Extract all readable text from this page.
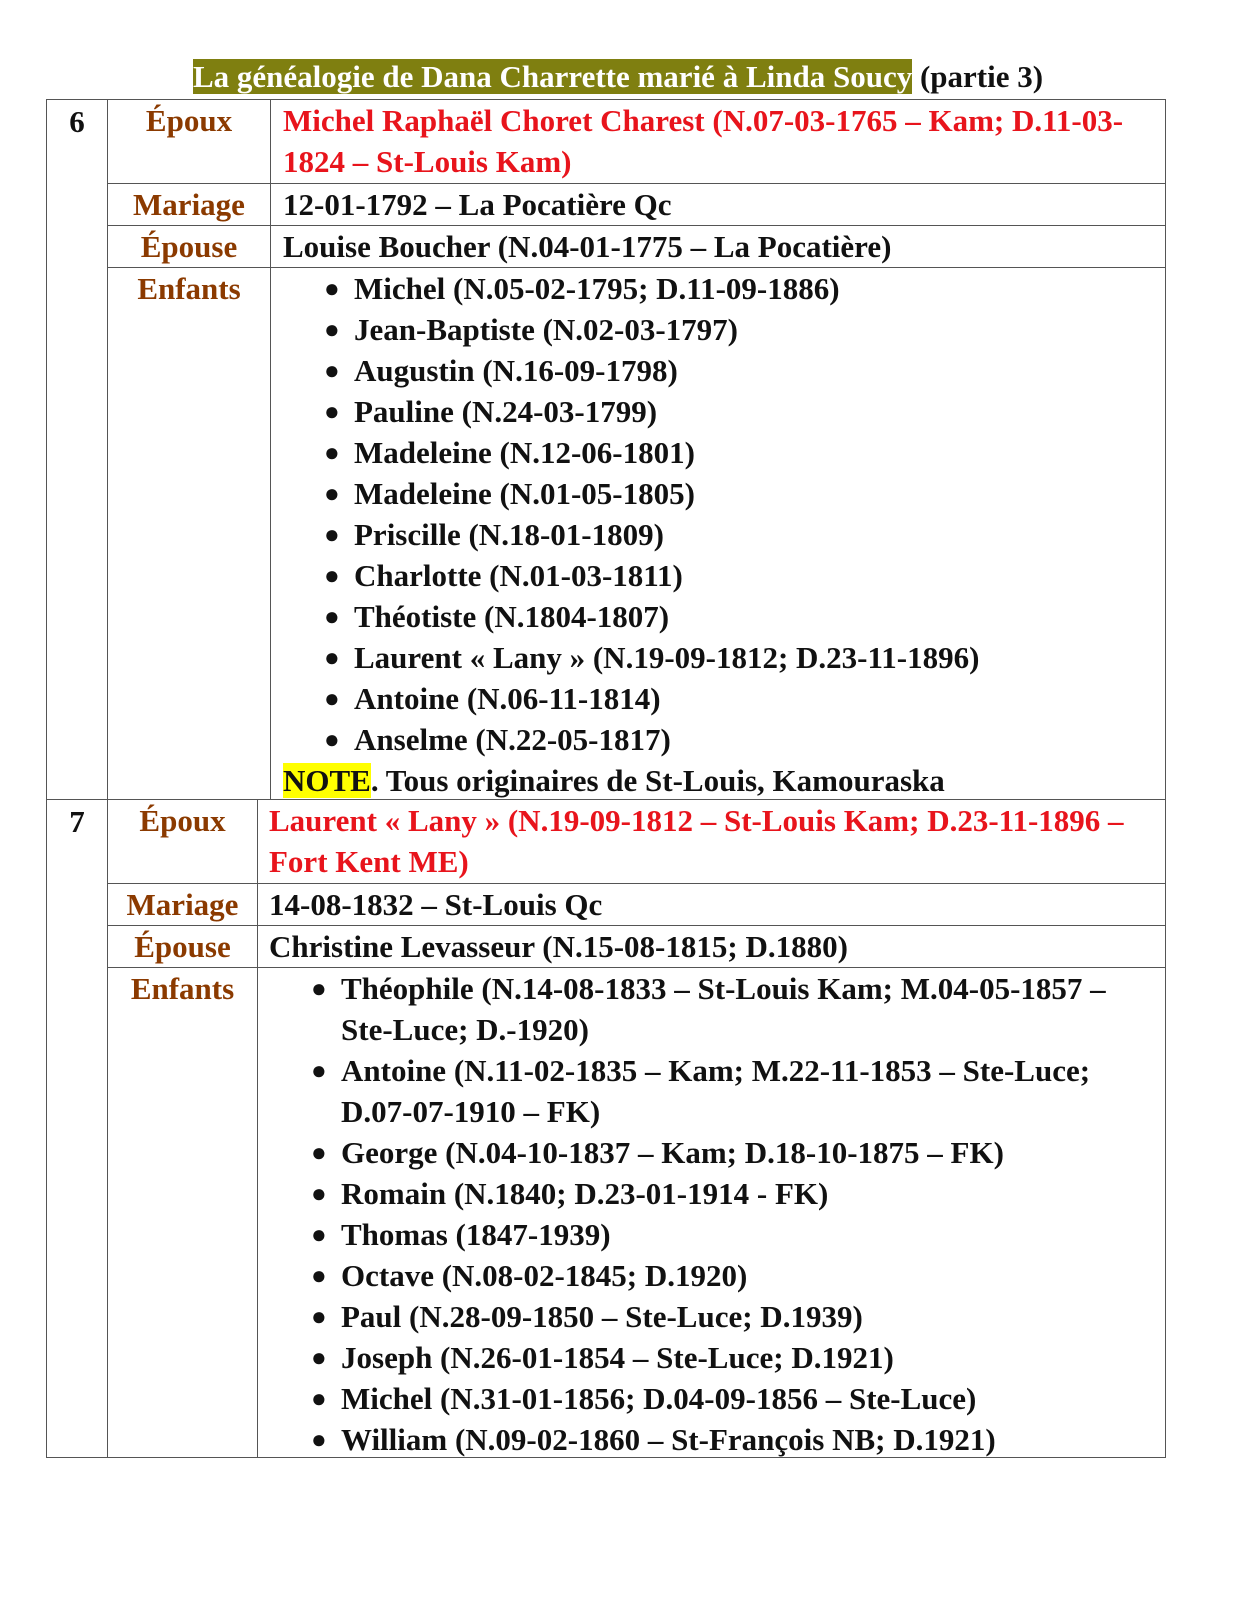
La généalogie de Dana Charrette marié à Linda Soucy (partie 3)
6	Époux	Michel Raphaël Choret Charest (N.07-03-1765 – Kam; D.11-03-1824 – St-Louis Kam)
Mariage	12-01-1792 – La Pocatière Qc
Épouse	Louise Boucher (N.04-01-1775 – La Pocatière)
Enfants	● Michel (N.05-02-1795; D.11-09-1886)
● Jean-Baptiste (N.02-03-1797)
● Augustin (N.16-09-1798)
● Pauline (N.24-03-1799)
● Madeleine (N.12-06-1801)
● Madeleine (N.01-05-1805)
● Priscille (N.18-01-1809)
● Charlotte (N.01-03-1811)
● Théotiste (N.1804-1807)
● Laurent « Lany » (N.19-09-1812; D.23-11-1896)
● Antoine (N.06-11-1814)
● Anselme (N.22-05-1817)
NOTE. Tous originaires de St-Louis, Kamouraska
7	Époux	Laurent « Lany » (N.19-09-1812 – St-Louis Kam; D.23-11-1896 – Fort Kent ME)
Mariage 14-08-1832 – St-Louis Qc
Épouse	Christine Levasseur (N.15-08-1815; D.1880)
Enfants	● Théophile (N.14-08-1833 – St-Louis Kam; M.04-05-1857 – Ste-Luce; D.-1920)
● Antoine (N.11-02-1835 – Kam; M.22-11-1853 – Ste-Luce; D.07-07-1910 – FK)
● George (N.04-10-1837 – Kam; D.18-10-1875 – FK)
● Romain (N.1840; D.23-01-1914 - FK)
● Thomas (1847-1939)
● Octave (N.08-02-1845; D.1920)
● Paul (N.28-09-1850 – Ste-Luce; D.1939)
● Joseph (N.26-01-1854 – Ste-Luce; D.1921)
● Michel (N.31-01-1856; D.04-09-1856 – Ste-Luce)
● William (N.09-02-1860 – St-François NB; D.1921)
